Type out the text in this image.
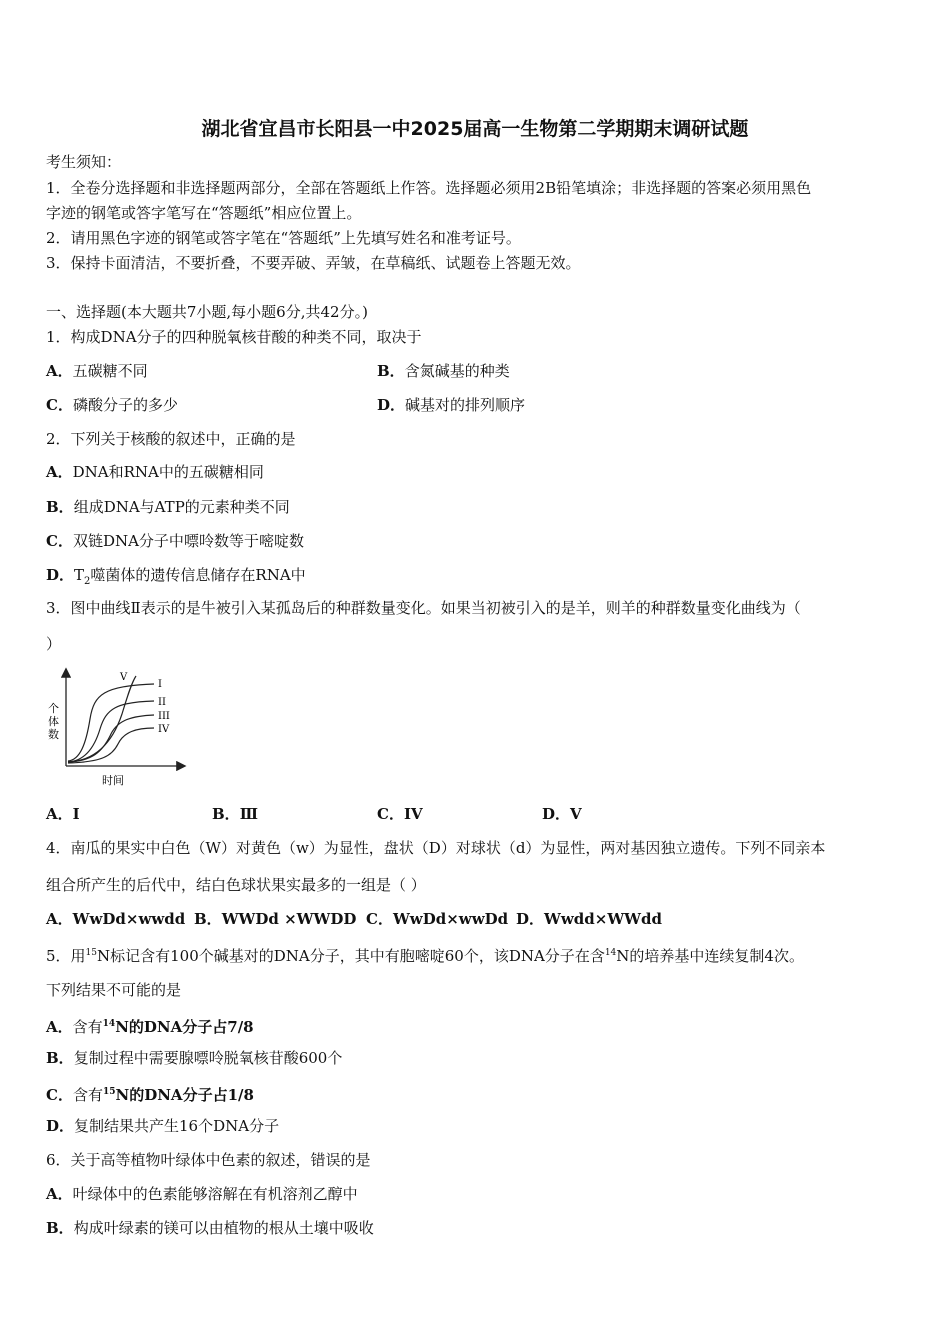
湖北省宜昌市长阳县一中2025届高一生物第二学期期末调研试题
考生须知：
1．全卷分选择题和非选择题两部分，全部在答题纸上作答。选择题必须用2B铅笔填涂；非选择题的答案必须用黑色
字迹的钢笔或答字笔写在“答题纸”相应位置上。
2．请用黑色字迹的钢笔或答字笔在“答题纸”上先填写姓名和准考证号。
3．保持卡面清洁，不要折叠，不要弄破、弄皱，在草稿纸、试题卷上答题无效。
一、选择题(本大题共7小题,每小题6分,共42分。)
1．构成DNA分子的四种脱氧核苷酸的种类不同，取决于
A．五碳糖不同	B．含氮碱基的种类
C．磷酸分子的多少	D．碱基对的排列顺序
2．下列关于核酸的叙述中，正确的是
A．DNA和RNA中的五碳糖相同
B．组成DNA与ATP的元素种类不同
C．双链DNA分子中嘌呤数等于嘧啶数
D．$T_2$噬菌体的遗传信息储存在RNA中
3．图中曲线Ⅱ表示的是牛被引入某孤岛后的种群数量变化。如果当初被引入的是羊，则羊的种群数量变化曲线为（
）
个
体
数
时间
V
I
II
III
IV
A．I	B．Ⅲ	C．IV	D．V
4．南瓜的果实中白色（W）对黄色（w）为显性，盘状（D）对球状（d）为显性，两对基因独立遗传。下列不同亲本
组合所产生的后代中，结白色球状果实最多的一组是（ ）
A．WwDd×wwdd B．WWDd ×WWDD C．WwDd×wwDd D．Wwdd×WWdd
5．用$^{15}$N标记含有100个碱基对的DNA分子，其中有胞嘧啶60个，该DNA分子在含$^{14}$N的培养基中连续复制4次。
下列结果不可能的是
A．含有$^{14}$N的DNA分子占7/8
B．复制过程中需要腺嘌呤脱氧核苷酸600个
C．含有$^{15}$N的DNA分子占1/8
D．复制结果共产生16个DNA分子
6．关于高等植物叶绿体中色素的叙述，错误的是
A．叶绿体中的色素能够溶解在有机溶剂乙醇中
B．构成叶绿素的镁可以由植物的根从土壤中吸收
